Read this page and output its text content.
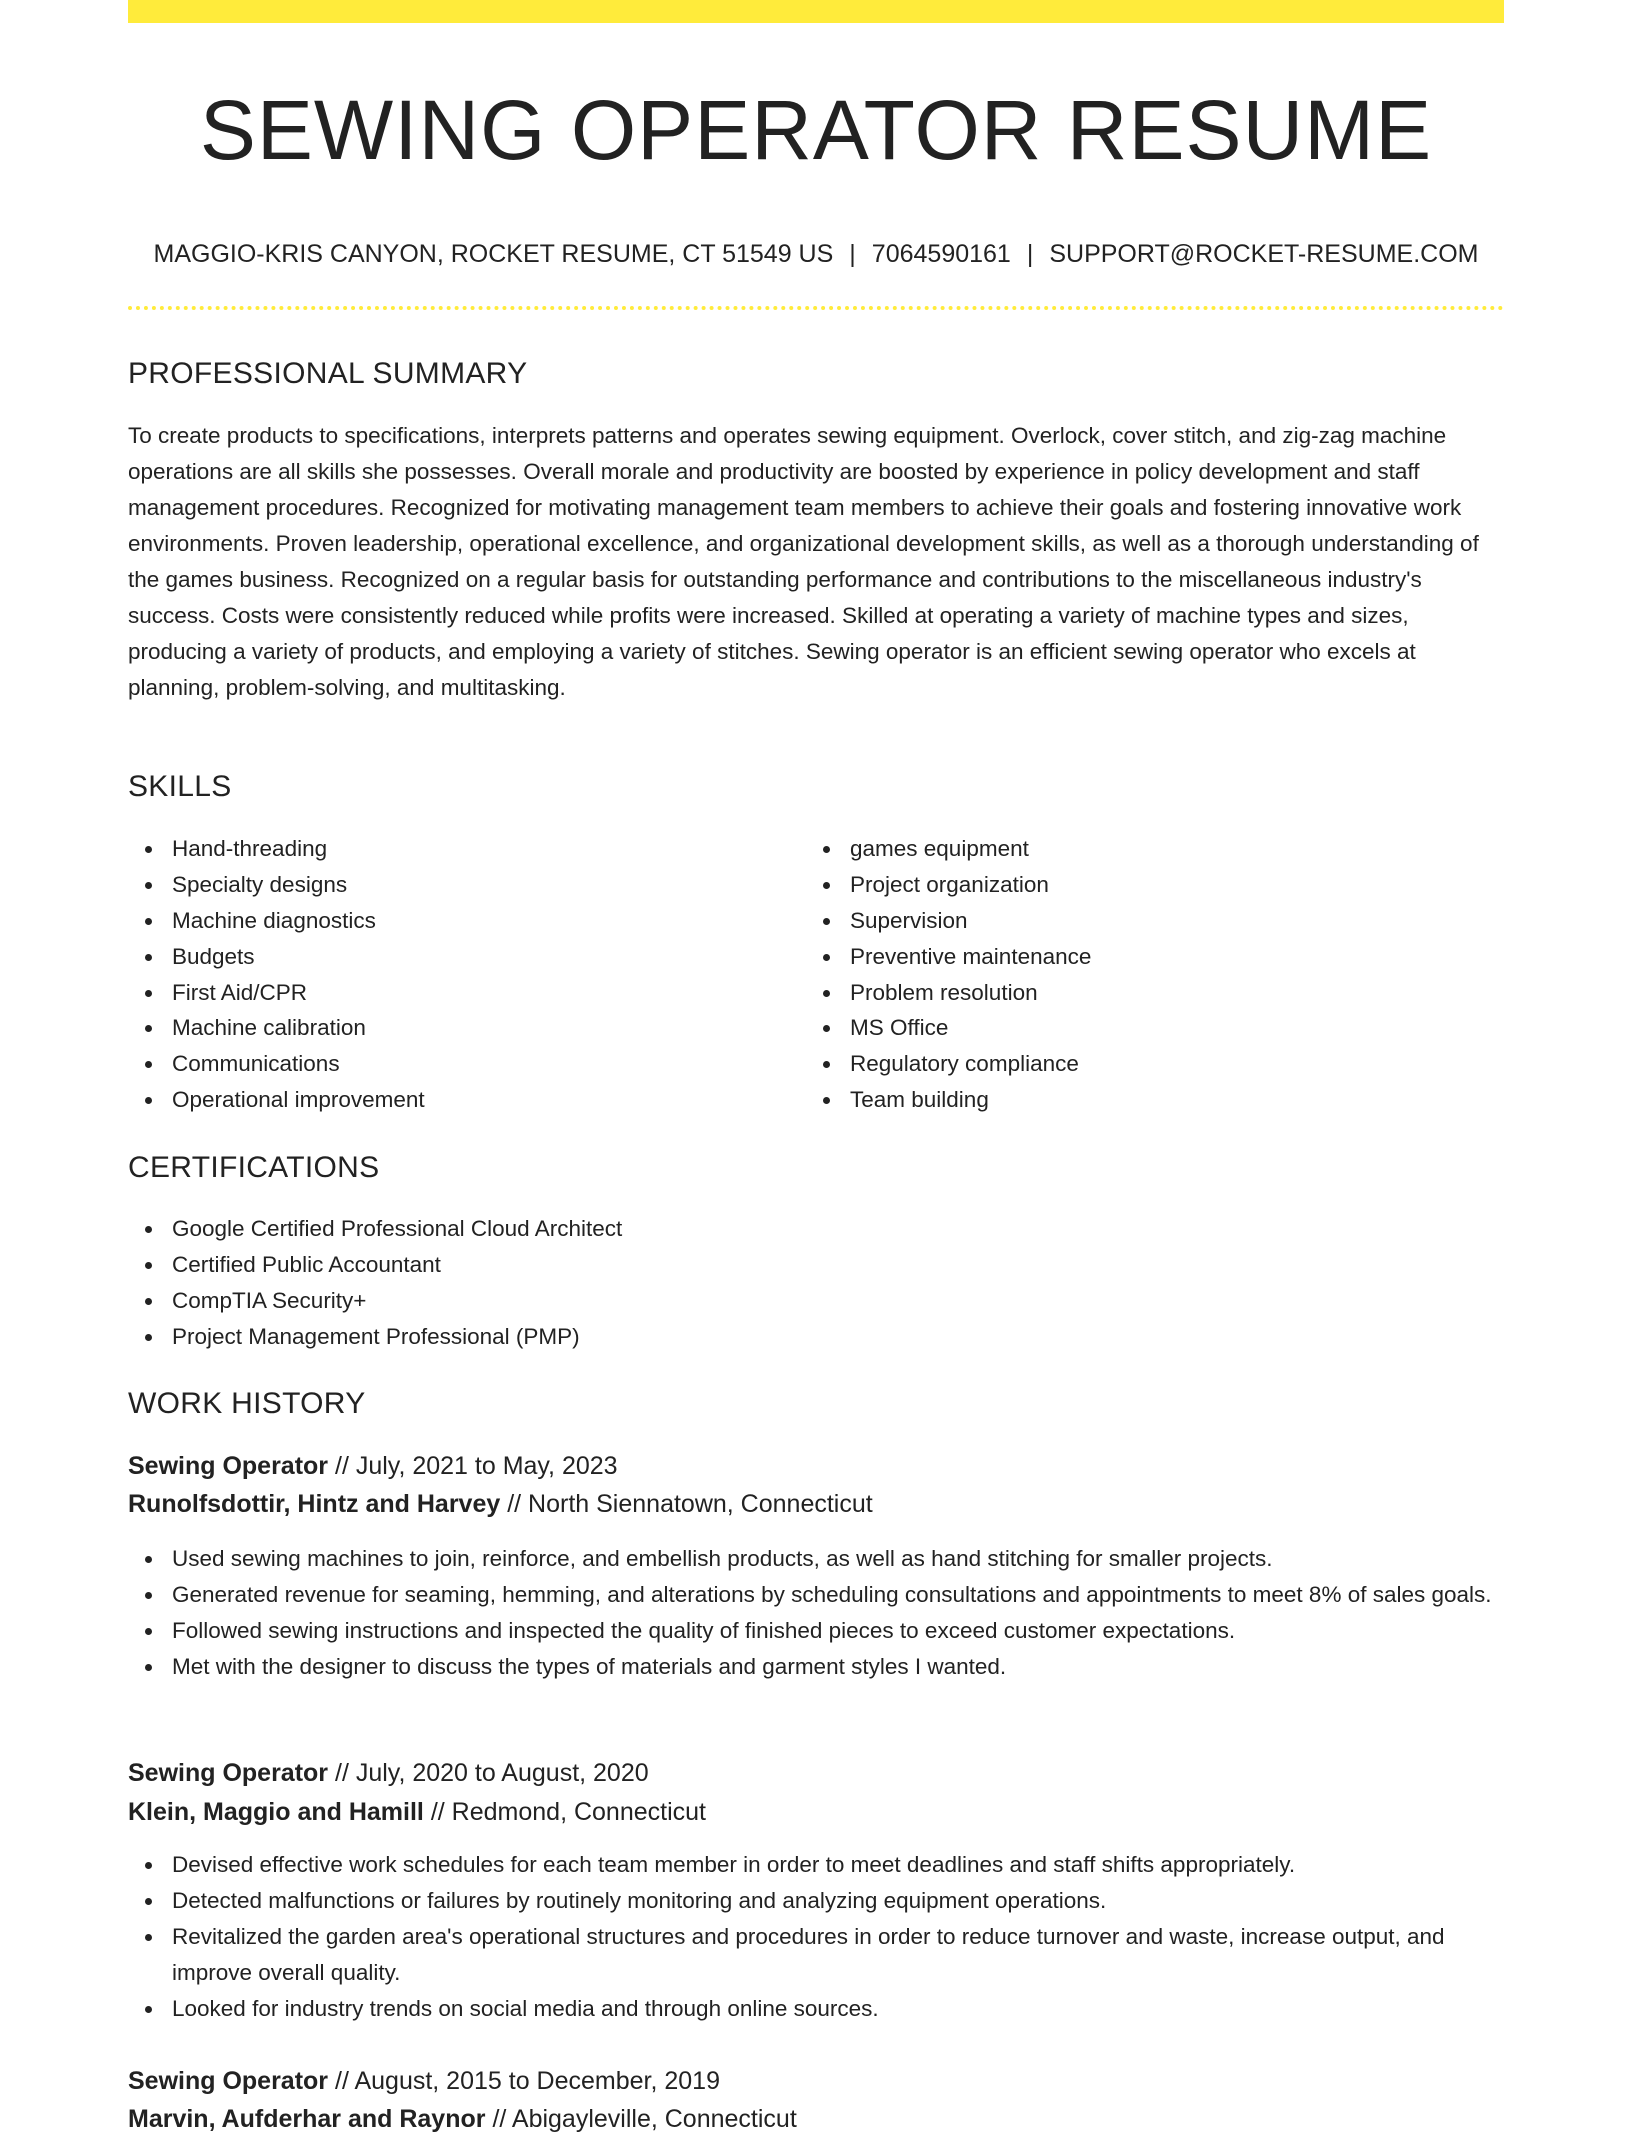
SEWING OPERATOR RESUME
MAGGIO-KRIS CANYON, ROCKET RESUME, CT 51549 US | 7064590161 | SUPPORT@ROCKET-RESUME.COM
PROFESSIONAL SUMMARY

To create products to specifications, interprets patterns and operates sewing equipment. Overlock, cover stitch, and zig-zag machine operations are all skills she possesses. Overall morale and productivity are boosted by experience in policy development and staff management procedures. Recognized for motivating management team members to achieve their goals and fostering innovative work environments. Proven leadership, operational excellence, and organizational development skills, as well as a thorough understanding of the games business. Recognized on a regular basis for outstanding performance and contributions to the miscellaneous industry's success. Costs were consistently reduced while profits were increased. Skilled at operating a variety of machine types and sizes, producing a variety of products, and employing a variety of stitches. Sewing operator is an efficient sewing operator who excels at planning, problem-solving, and multitasking.

SKILLS
Hand-threading
Specialty designs
Machine diagnostics
Budgets
First Aid/CPR
Machine calibration
Communications
Operational improvement
games equipment
Project organization
Supervision
Preventive maintenance
Problem resolution
MS Office
Regulatory compliance
Team building
CERTIFICATIONS
Google Certified Professional Cloud Architect
Certified Public Accountant
CompTIA Security+
Project Management Professional (PMP)
WORK HISTORY
Sewing Operator // July, 2021 to May, 2023
Runolfsdottir, Hintz and Harvey // North Siennatown, Connecticut
Used sewing machines to join, reinforce, and embellish products, as well as hand stitching for smaller projects.
Generated revenue for seaming, hemming, and alterations by scheduling consultations and appointments to meet 8% of sales goals.
Followed sewing instructions and inspected the quality of finished pieces to exceed customer expectations.
Met with the designer to discuss the types of materials and garment styles I wanted.
Sewing Operator // July, 2020 to August, 2020
Klein, Maggio and Hamill // Redmond, Connecticut
Devised effective work schedules for each team member in order to meet deadlines and staff shifts appropriately.
Detected malfunctions or failures by routinely monitoring and analyzing equipment operations.
Revitalized the garden area's operational structures and procedures in order to reduce turnover and waste, increase output, and improve overall quality.
Looked for industry trends on social media and through online sources.
Sewing Operator // August, 2015 to December, 2019
Marvin, Aufderhar and Raynor // Abigayleville, Connecticut
